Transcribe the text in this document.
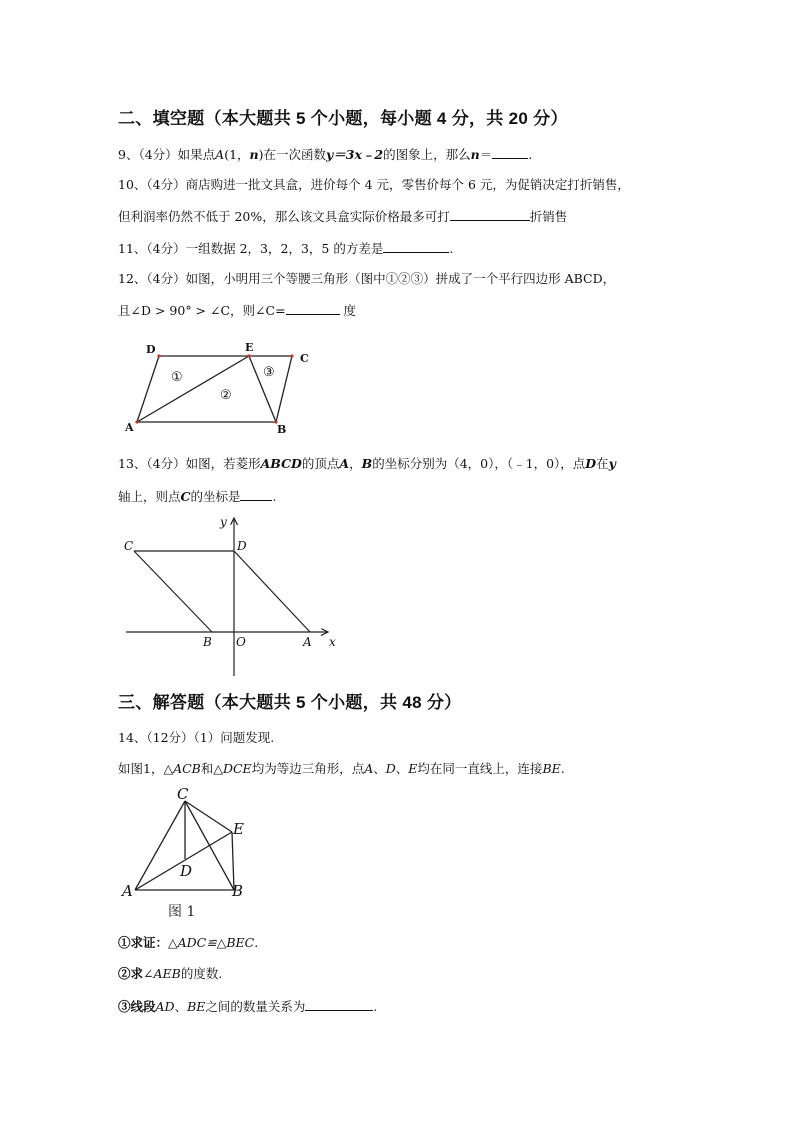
二、填空题（本大题共 5 个小题，每小题 4 分，共 20 分）
9、（4分）如果点A(1，n)在一次函数y＝3x﹣2的图象上，那么n＝	.
10、（4分）商店购进一批文具盒，进价每个 4 元，零售价每个 6 元，为促销决定打折销售，
但利润率仍然不低于 20%，那么该文具盒实际价格最多可打	折销售
11、（4分）一组数据 2，3，2，3，5 的方差是	.
12、（4分）如图，小明用三个等腰三角形（图中①②③）拼成了一个平行四边形 ABCD，
且∠D > 90° > ∠C，则∠C=	度
D	E
C
A	B
①
②
③
13、（4分）如图，若菱形ABCD的顶点A，B的坐标分别为（4，0），（﹣1，0），点D在y
轴上，则点C的坐标是	.
y
x
C	D
B O	A
三、解答题（本大题共 5 个小题，共 48 分）
14、（12分）（1）问题发现.
如图1，△ACB和△DCE均为等边三角形，点A、D、E均在同一直线上，连接BE.
C
E
D
A	B
图 1
①求证：△ADC≌△BEC.
②求∠AEB的度数.
③线段AD、BE之间的数量关系为	.
